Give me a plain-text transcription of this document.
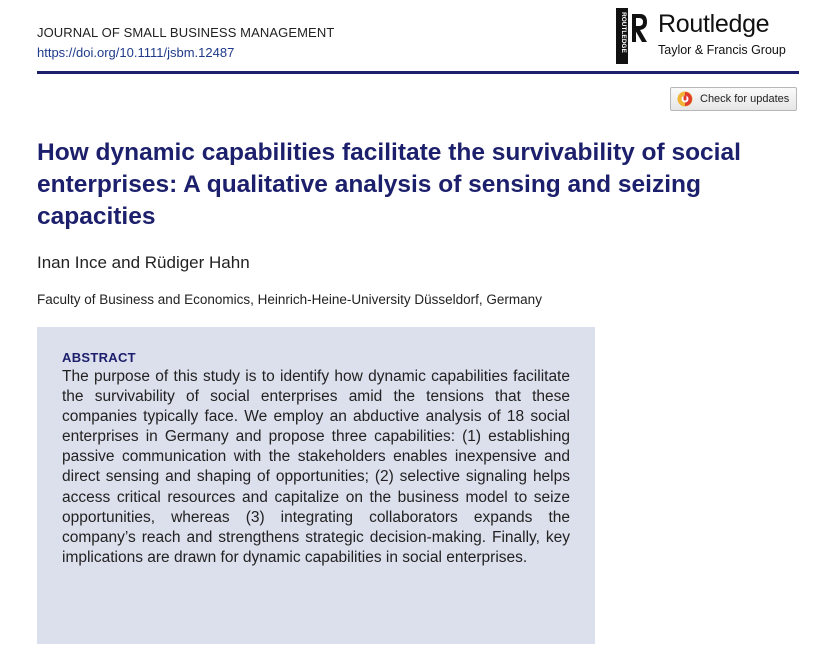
JOURNAL OF SMALL BUSINESS MANAGEMENT
https://doi.org/10.1111/jsbm.12487	ROUTLEDGE Routledge
Taylor & Francis Group
Check for updates
How dynamic capabilities facilitate the survivability of social enterprises: A qualitative analysis of sensing and seizing capacities
Inan Ince and Rüdiger Hahn
Faculty of Business and Economics, Heinrich-Heine-University Düsseldorf, Germany
ABSTRACT

The purpose of this study is to identify how dynamic capabilities facilitate the survivability of social enterprises amid the tensions that these companies typically face. We employ an abductive analysis of 18 social enterprises in Germany and propose three capabilities: (1) establishing passive communication with the stakeholders enables inexpensive and direct sensing and shaping of opportunities; (2) selective signaling helps access critical resources and capitalize on the business model to seize opportunities, whereas (3) integrating collaborators expands the company’s reach and strengthens strategic decision-making. Finally, key implications are drawn for dynamic capabilities in social enterprises.
